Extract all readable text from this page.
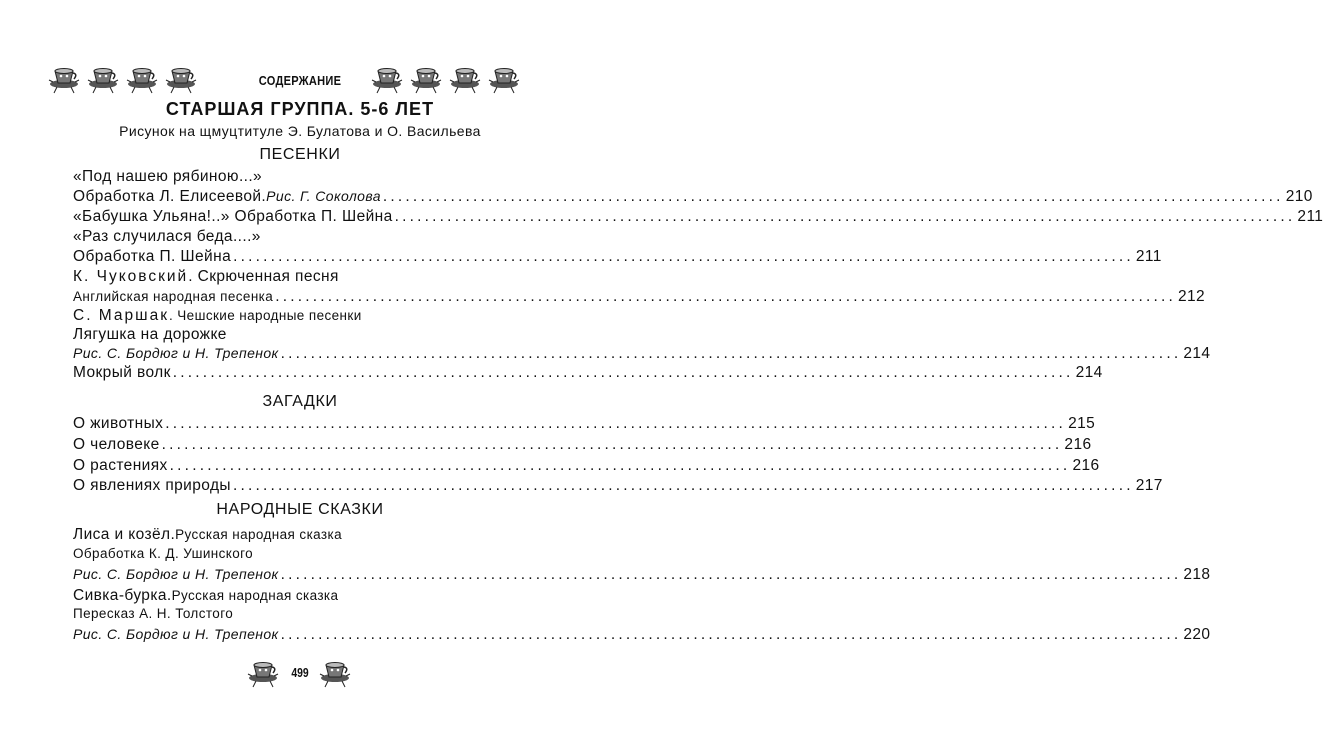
СОДЕРЖАНИЕ
СТАРШАЯ ГРУППА. 5-6 ЛЕТ
Рисунок на щмуцтитуле Э. Булатова и О. Васильева
ПЕСЕНКИ
«Под нашею рябиною...»
Обработка Л. Елисеевой. Рис. Г. Соколова ........................................................................................................................ 210
«Бабушка Ульяна!..» Обработка П. Шейна ........................................................................................................................ 211
«Раз случилася беда....»
Обработка П. Шейна ........................................................................................................................ 211
К. Чуковский . Скрюченная песня
Английская народная песенка ........................................................................................................................ 212
С. Маршак . Чешские народные песенки
Лягушка на дорожке
Рис. С. Бордюг и Н. Трепенок ........................................................................................................................ 214
Мокрый волк ........................................................................................................................ 214
ЗАГАДКИ
О животных ........................................................................................................................ 215
О человеке ........................................................................................................................ 216
О растениях ........................................................................................................................ 216
О явлениях природы ........................................................................................................................ 217
НАРОДНЫЕ СКАЗКИ
Лиса и козёл. Русская народная сказка
Обработка К. Д. Ушинского
Рис. С. Бордюг и Н. Трепенок ........................................................................................................................ 218
Сивка-бурка. Русская народная сказка
Пересказ А. Н. Толстого
Рис. С. Бордюг и Н. Трепенок ........................................................................................................................ 220
499
